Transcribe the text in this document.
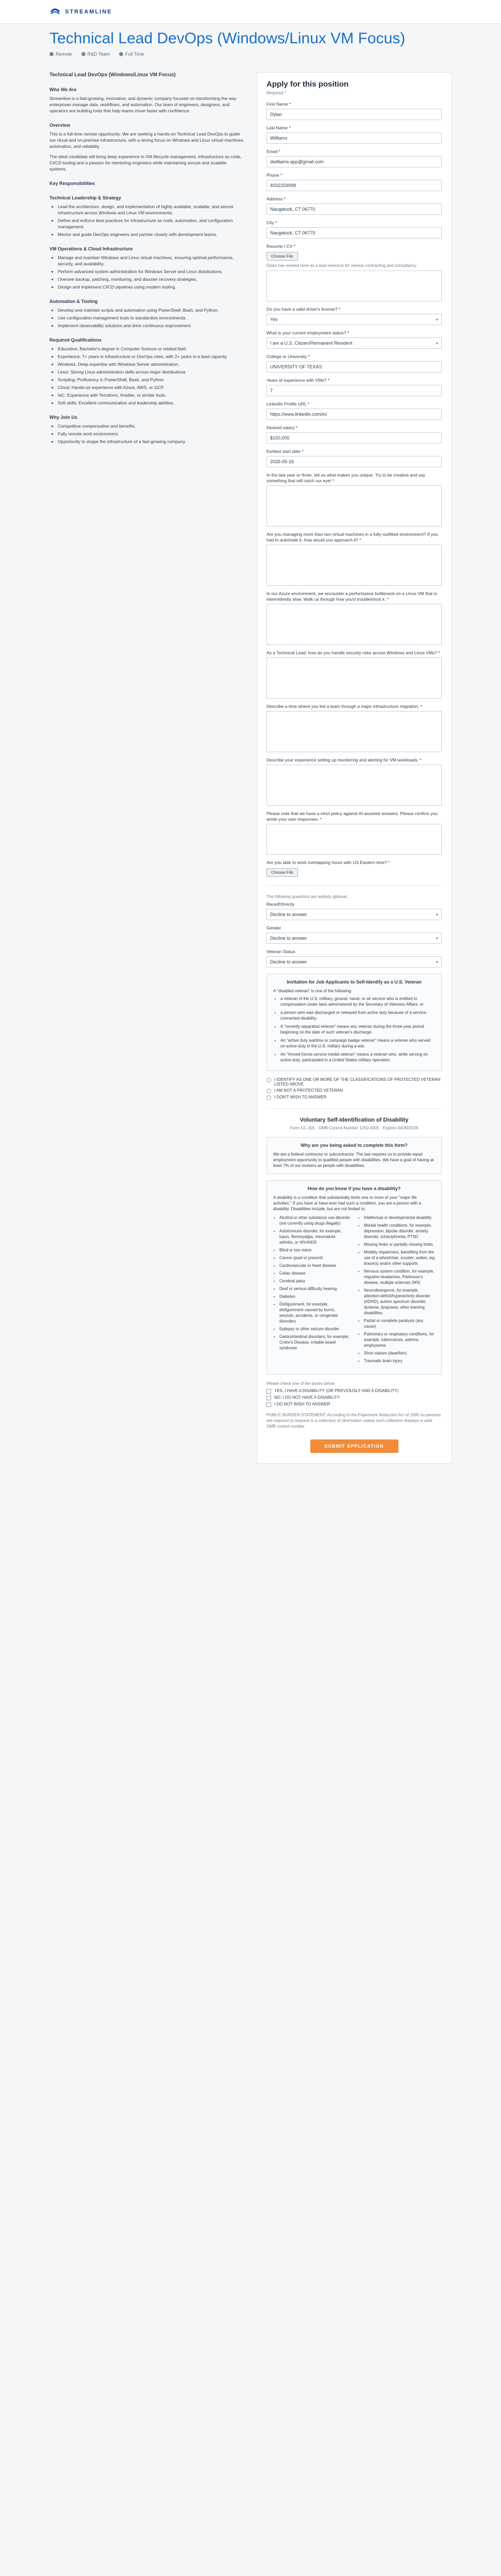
STREAMLINE
Technical Lead DevOps (Windows/Linux VM Focus)
Remote	R&D Team	Full Time
Technical Lead DevOps (Windows/Linux VM Focus)
Who We Are

Streamline is a fast-growing, innovative, and dynamic company focused on transforming the way enterprises manage data, workflows, and automation. Our team of engineers, designers, and operators are building tools that help teams move faster with confidence.

Overview

This is a full-time remote opportunity. We are seeking a hands-on Technical Lead DevOps to guide our cloud and on-premise infrastructure, with a strong focus on Windows and Linux virtual machines, automation, and reliability.

The ideal candidate will bring deep experience in VM lifecycle management, infrastructure as code, CI/CD tooling and a passion for mentoring engineers while maintaining secure and scalable systems.

Key Responsibilities
Technical Leadership & Strategy
• Lead the architecture, design, and implementation of highly available, scalable, and secure infrastructure across Windows and Linux VM environments.
• Define and enforce best practices for infrastructure as code, automation, and configuration management.
• Mentor and guide DevOps engineers and partner closely with development teams.
VM Operations & Cloud Infrastructure
• Manage and maintain Windows and Linux virtual machines, ensuring optimal performance, security, and availability.
• Perform advanced system administration for Windows Server and Linux distributions.
• Oversee backup, patching, monitoring, and disaster recovery strategies.
• Design and implement CI/CD pipelines using modern tooling.
Automation & Tooling
• Develop and maintain scripts and automation using PowerShell, Bash, and Python.
• Use configuration management tools to standardize environments.
• Implement observability solutions and drive continuous improvement.
Required Qualifications
• Education: Bachelor's degree in Computer Science or related field.
• Experience: 7+ years in infrastructure or DevOps roles, with 2+ years in a lead capacity.
• Windows: Deep expertise with Windows Server administration.
• Linux: Strong Linux administration skills across major distributions.
• Scripting: Proficiency in PowerShell, Bash, and Python.
• Cloud: Hands-on experience with Azure, AWS, or GCP.
• IaC: Experience with Terraform, Ansible, or similar tools.
• Soft skills: Excellent communication and leadership abilities.
Why Join Us
• Competitive compensation and benefits.
• Fully remote work environment.
• Opportunity to shape the infrastructure of a fast-growing company.
Apply for this position
Required *
First Name *
Dylan
Last Name *
Williams
Email *
dwilliams.app@gmail.com
Phone *
4032259998
Address *
Naugatuck, CT 06770
City *
Naugatuck, CT 06770
Resume / CV *
Choose File
Dylan has worked here as a lead resource for various contracting and consultancy
Do you have a valid driver's license? *
Yes	▾
What is your current employment status? *
I am a U.S. Citizen/Permanent Resident	▾
College or University *
UNIVERSITY OF TEXAS
Years of experience with VMs? *
7
LinkedIn Profile URL *
https://www.linkedin.com/in/
Desired salary *
$150,000
Earliest start date *
2026-05-16
In the last year or three, tell us what makes you unique. Try to be creative and say something that will catch our eye! *
Are you managing more than two virtual machines in a fully-outfitted environment? If you had to automate it, how would you approach it? *
In our Azure environment, we encounter a performance bottleneck on a Linux VM that is intermittently slow. Walk us through how you'd troubleshoot it. *
As a Technical Lead, how do you handle security risks across Windows and Linux VMs? *
Describe a time where you led a team through a major infrastructure migration. *
Describe your experience setting up monitoring and alerting for VM workloads. *
Please note that we have a strict policy against AI-assisted answers. Please confirm you wrote your own responses. *
Are you able to work overlapping hours with US Eastern time? *
Choose File
The following questions are entirely optional.
Race/Ethnicity
Decline to answer	▾
Gender
Decline to answer	▾
Veteran Status
Decline to answer	▾
Invitation for Job Applicants to Self-Identify as a U.S. Veteran
A "disabled veteran" is one of the following:
• a veteran of the U.S. military, ground, naval, or air service who is entitled to compensation under laws administered by the Secretary of Veterans Affairs; or
• a person who was discharged or released from active duty because of a service-connected disability.
• A "recently separated veteran" means any veteran during the three-year period beginning on the date of such veteran's discharge.
• An "active duty wartime or campaign badge veteran" means a veteran who served on active duty in the U.S. military during a war.
• An "Armed forces service medal veteran" means a veteran who, while serving on active duty, participated in a United States military operation.
I IDENTIFY AS ONE OR MORE OF THE CLASSIFICATIONS OF PROTECTED VETERAN LISTED ABOVE
I AM NOT A PROTECTED VETERAN
I DON'T WISH TO ANSWER
Voluntary Self-Identification of Disability
Form CC-305 · OMB Control Number 1250-0005 · Expires 04/30/2026
Why are you being asked to complete this form?
We are a federal contractor or subcontractor. The law requires us to provide equal employment opportunity to qualified people with disabilities. We have a goal of having at least 7% of our workers as people with disabilities.
How do you know if you have a disability?
A disability is a condition that substantially limits one or more of your "major life activities." If you have or have ever had such a condition, you are a person with a disability. Disabilities include, but are not limited to:
• Alcohol or other substance use disorder (not currently using drugs illegally)
• Autoimmune disorder, for example, lupus, fibromyalgia, rheumatoid arthritis, or HIV/AIDS
• Blind or low vision
• Cancer (past or present)
• Cardiovascular or heart disease
• Celiac disease
• Cerebral palsy
• Deaf or serious difficulty hearing
• Diabetes
• Disfigurement, for example, disfigurement caused by burns, wounds, accidents, or congenital disorders
• Epilepsy or other seizure disorder
• Gastrointestinal disorders, for example, Crohn's Disease, irritable bowel syndrome
• Intellectual or developmental disability
• Mental health conditions, for example, depression, bipolar disorder, anxiety disorder, schizophrenia, PTSD
• Missing limbs or partially missing limbs
• Mobility impairment, benefiting from the use of a wheelchair, scooter, walker, leg brace(s) and/or other supports
• Nervous system condition, for example, migraine headaches, Parkinson's disease, multiple sclerosis (MS)
• Neurodivergence, for example, attention-deficit/hyperactivity disorder (ADHD), autism spectrum disorder, dyslexia, dyspraxia, other learning disabilities
• Partial or complete paralysis (any cause)
• Pulmonary or respiratory conditions, for example, tuberculosis, asthma, emphysema
• Short stature (dwarfism)
• Traumatic brain injury
Please check one of the boxes below:
YES, I HAVE A DISABILITY (OR PREVIOUSLY HAD A DISABILITY)
NO, I DO NOT HAVE A DISABILITY
I DO NOT WISH TO ANSWER
PUBLIC BURDEN STATEMENT: According to the Paperwork Reduction Act of 1995 no persons are required to respond to a collection of information unless such collection displays a valid OMB control number.
SUBMIT APPLICATION
